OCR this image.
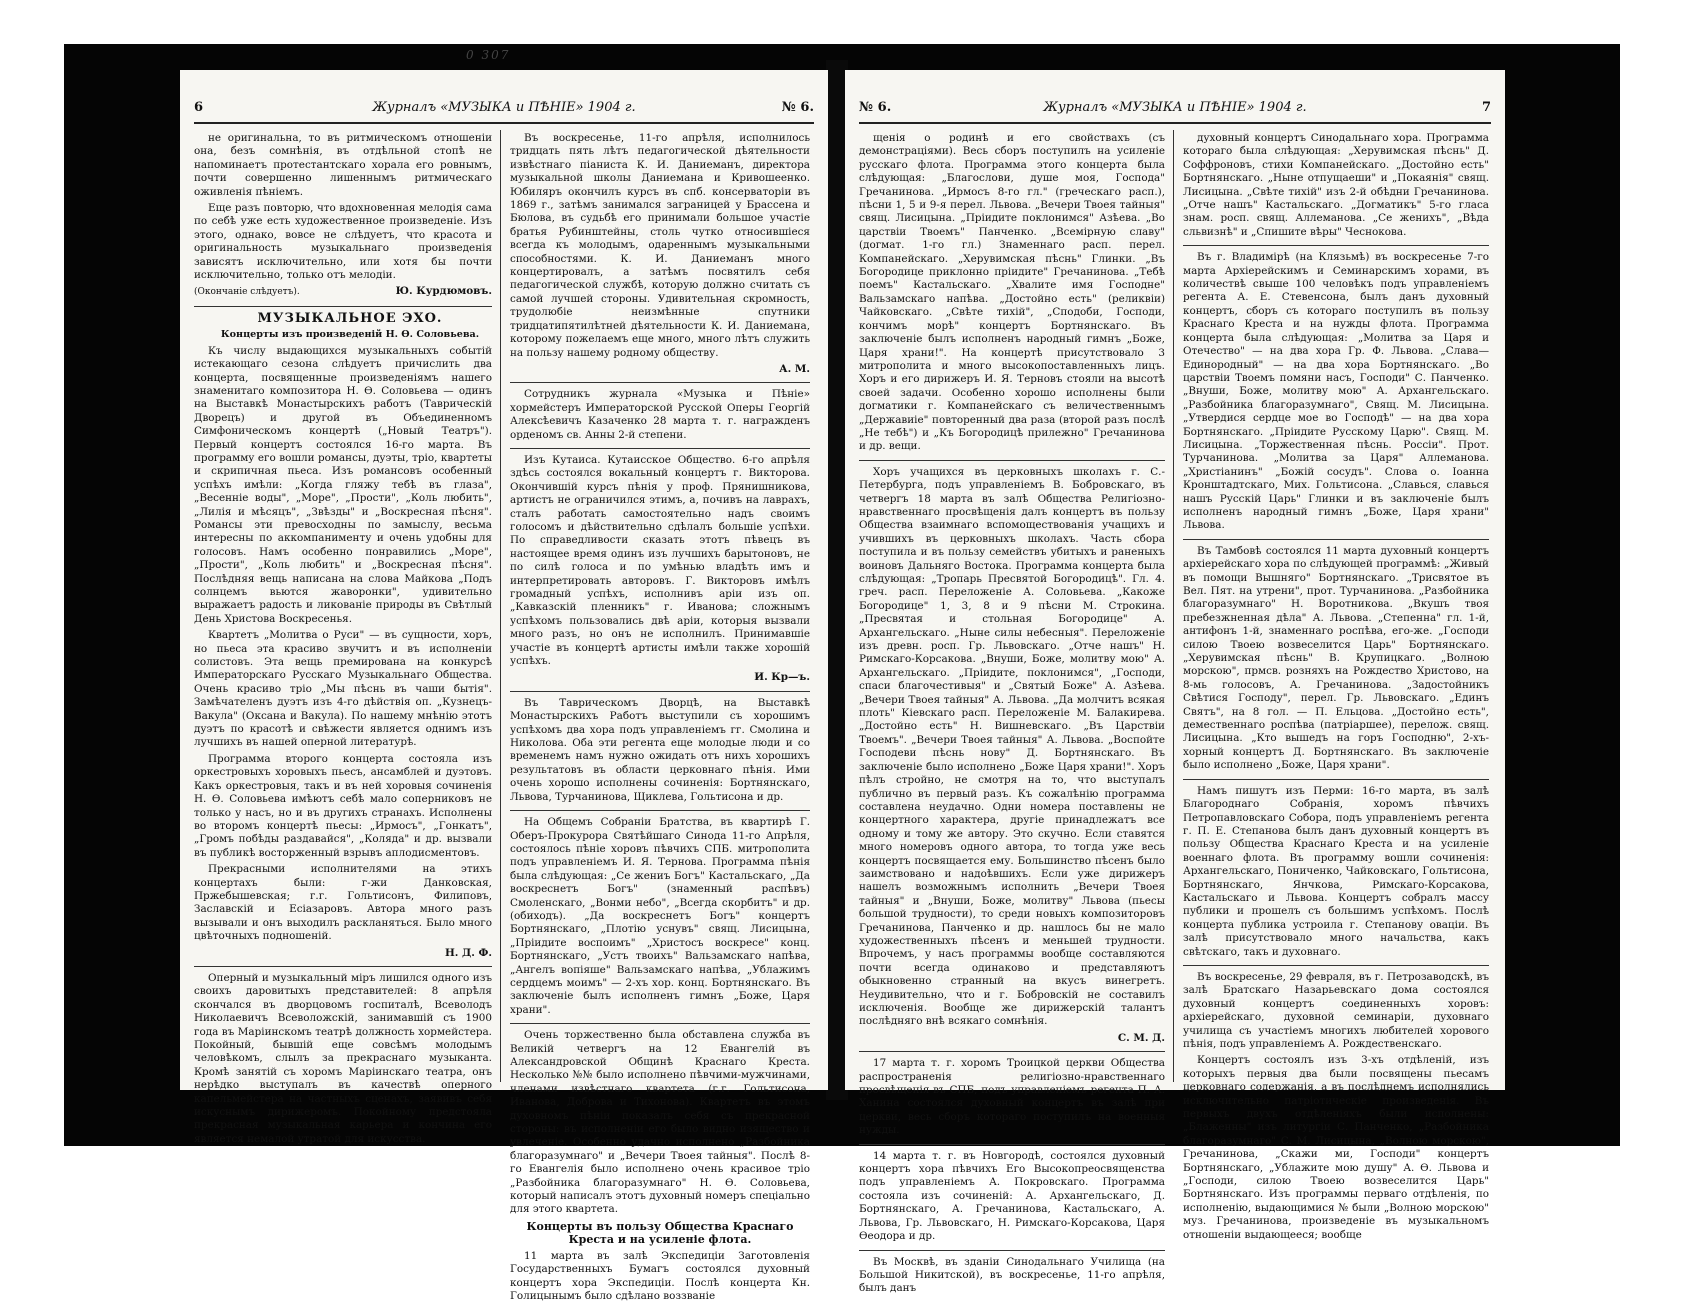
0 307
6	Журналъ «МУЗЫКА и ПѢНІЕ» 1904 г.	№ 6.

не оригинальна, то въ ритмическомъ отношеніи она, безъ сомнѣнія, въ отдѣльной стопѣ не напоминаетъ протестантскаго хорала его ровнымъ, почти совершенно лишеннымъ ритмическаго оживленія пѣніемъ.

Еще разъ повторю, что вдохновенная мелодія сама по себѣ уже есть художественное произведеніе. Изъ этого, однако, вовсе не слѣдуетъ, что красота и оригинальность музыкальнаго произведенія зависятъ исключительно, или хотя бы почти исключительно, только отъ мелодіи.

(Окончаніе слѣдуетъ).	Ю. Курдюмовъ.

МУЗЫКАЛЬНОЕ ЭХО.

Концерты изъ произведеній Н. Ѳ. Соловьева.

Къ числу выдающихся музыкальныхъ событій истекающаго сезона слѣдуетъ причислить два концерта, посвященные произведеніямъ нашего знаменитаго композитора Н. Ѳ. Соловьева — одинъ на Выставкѣ Монастырскихъ работъ (Таврическій Дворецъ) и другой въ Объединенномъ Симфоническомъ концертѣ („Новый Театръ"). Первый концертъ состоялся 16-го марта. Въ программу его вошли романсы, дуэты, тріо, квартеты и скрипичная пьеса. Изъ романсовъ особенный успѣхъ имѣли: „Когда гляжу тебѣ въ глаза", „Весенніе воды", „Море", „Прости", „Коль любить", „Лилія и мѣсяцъ", „Звѣзды" и „Воскресная пѣсня". Романсы эти превосходны по замыслу, весьма интересны по аккомпанименту и очень удобны для голосовъ. Намъ особенно понравились „Море", „Прости", „Коль любить" и „Воскресная пѣсня". Послѣдняя вещь написана на слова Майкова „Подъ солнцемъ вьются жаворонки", удивительно выражаетъ радость и ликованіе природы въ Свѣтлый День Христова Воскресенья.

Квартетъ „Молитва о Руси" — въ сущности, хоръ, но пьеса эта красиво звучитъ и въ исполненіи солистовъ. Эта вещь премирована на конкурсѣ Императорскаго Русскаго Музыкальнаго Общества. Очень красиво тріо „Мы пѣснь въ чаши бытія". Замѣчателенъ дуэтъ изъ 4-го дѣйствія оп. „Кузнецъ-Вакула" (Оксана и Вакула). По нашему мнѣнію этотъ дуэтъ по красотѣ и свѣжести является однимъ изъ лучшихъ въ нашей оперной литературѣ.

Программа второго концерта состояла изъ оркестровыхъ хоровыхъ пьесъ, ансамблей и дуэтовъ. Какъ оркестровыя, такъ и въ ней хоровыя сочиненія Н. Ѳ. Соловьева имѣютъ себѣ мало соперниковъ не только у насъ, но и въ другихъ странахъ. Исполнены во второмъ концертѣ пьесы: „Ирмосъ", „Гонкатъ", „Громъ побѣды раздавайся", „Коляда" и др. вызвали въ публикѣ восторженный взрывъ аплодисментовъ.

Прекрасными исполнителями на этихъ концертахъ были: г-жи Данковская, Пржебышевская; г.г. Гольтисонъ, Филиповъ, Заславскій и Есіазаровъ. Автора много разъ вызывали и онъ выходилъ раскланяться. Было много цвѣточныхъ подношеній.

Н. Д. Ф.

Оперный и музыкальный міръ лишился одного изъ своихъ даровитыхъ представителей: 8 апрѣля скончался въ дворцовомъ госпиталѣ, Всеволодъ Николаевичъ Всеволожскій, занимавшій съ 1900 года въ Маріинскомъ театрѣ должность хормейстера. Покойный, бывшій еще совсѣмъ молодымъ человѣкомъ, слылъ за прекраснаго музыканта. Кромѣ занятій съ хоромъ Маріинскаго театра, онъ нерѣдко выступалъ въ качествѣ оперного капельмейстера на частныхъ сценахъ, заявивъ себя искуснымъ дирижеромъ. Покойному предстояла прекрасная музыкальная карьера и кончина его является немалой утратой для искусства.

Въ воскресенье, 11-го апрѣля, исполнилось тридцать пять лѣтъ педагогической дѣятельности извѣстнаго піаниста К. И. Даниеманъ, директора музыкальной школы Даниемана и Кривошеенко. Юбиляръ окончилъ курсъ въ спб. консерваторіи въ 1869 г., затѣмъ занимался заграницей у Брассена и Бюлова, въ судьбѣ его принимали большое участіе братья Рубинштейны, столь чутко относившіеся всегда къ молодымъ, одареннымъ музыкальными способностями. К. И. Даниеманъ много концертировалъ, а затѣмъ посвятилъ себя педагогической службѣ, которую должно считать съ самой лучшей стороны. Удивительная скромность, трудолюбіе неизмѣнные спутники тридцатипятилѣтней дѣятельности К. И. Даниемана, которому пожелаемъ еще много, много лѣтъ служить на пользу нашему родному обществу.

А. М.

Сотрудникъ журнала «Музыка и Пѣніе» хормейстеръ Императорской Русской Оперы Георгій Алексѣевичъ Казаченко 28 марта т. г. награжденъ орденомъ св. Анны 2-й степени.

Изъ Кутаиса. Кутаисское Общество. 6-го апрѣля здѣсь состоялся вокальный концертъ г. Викторова. Окончившій курсъ пѣнія у проф. Прянишникова, артистъ не ограничился этимъ, а, почивъ на лаврахъ, сталъ работать самостоятельно надъ своимъ голосомъ и дѣйствительно сдѣлалъ большіе успѣхи. По справедливости сказать этотъ пѣвецъ въ настоящее время одинъ изъ лучшихъ барытоновъ, не по силѣ голоса и по умѣнью владѣть имъ и интерпретировать авторовъ. Г. Викторовъ имѣлъ громадный успѣхъ, исполнивъ аріи изъ оп. „Кавказскій пленникъ" г. Иванова; сложнымъ успѣхомъ пользовались двѣ аріи, которыя вызвали много разъ, но онъ не исполнилъ. Принимавшіе участіе въ концертѣ артисты имѣли также хорошій успѣхъ.

И. Кр—ъ.

Въ Таврическомъ Дворцѣ, на Выставкѣ Монастырскихъ Работъ выступили съ хорошимъ успѣхомъ два хора подъ управленіемъ гг. Смолина и Николова. Оба эти регента еще молодые люди и со временемъ намъ нужно ожидать отъ нихъ хорошихъ результатовъ въ области церковнаго пѣнія. Ими очень хорошо исполнены сочиненія: Бортнянскаго, Львова, Турчанинова, Щиклева, Гольтисона и др.

На Общемъ Собраніи Братства, въ квартирѣ Г. Оберъ-Прокурора Святѣйшаго Синода 11-го Апрѣля, состоялось пѣніе хоровъ пѣвчихъ СПБ. митрополита подъ управленіемъ И. Я. Тернова. Программа пѣнія была слѣдующая: „Се жениъ Богъ" Кастальскаго, „Да воскреснетъ Богъ" (знаменный распѣвъ) Смоленскаго, „Вонми небо", „Всегда скорбитъ" и др. (обиходъ). „Да воскреснетъ Богъ" концертъ Бортнянскаго, „Плотію уснувъ" свящ. Лисицына, „Пріидите воспоимъ" „Христосъ воскресе" конц. Бортнянскаго, „Устъ твоихъ" Вальзамскаго напѣва, „Ангелъ вопіяше" Вальзамскаго напѣва, „Ублажимъ сердцемъ моимъ" — 2-хъ хор. конц. Бортнянскаго. Въ заключеніе былъ исполненъ гимнъ „Боже, Царя храни".

Очень торжественно была обставлена служба въ Великій четвергъ на 12 Евангелій въ Александровской Общинѣ Краснаго Креста. Несколько №№ было исполнено пѣвчими-мужчинами, членами извѣстнаго квартета (г.г. Гольтисона, Иванова, Доброва и Тихонова). Квартетъ въ этомъ духовномъ пѣніи показалъ себя съ прекрасной стороны: въ исполненіи его было видно изящество и увлеченіе. Особенно удачно исполнено „Разбойника благоразумнаго" и „Вечери Твоея тайныя". Послѣ 8-го Евангелія было исполнено очень красивое тріо „Разбойника благоразумнаго" Н. Ѳ. Соловьева, который написалъ этотъ духовный номеръ спеціально для этого квартета.

Концерты въ пользу Общества Краснаго Креста и на усиленіе флота.

11 марта въ залѣ Экспедиціи Заготовленія Государственныхъ Бумагъ состоялся духовный концертъ хора Экспедиціи. Послѣ концерта Кн. Голицынымъ было сдѣлано воззваніе

№ 6.	Журналъ «МУЗЫКА и ПѢНІЕ» 1904 г.	7

щенія о родинѣ и его свойствахъ (съ демонстраціями). Весь сборъ поступилъ на усиленіе русскаго флота. Программа этого концерта была слѣдующая: „Благослови, душе моя, Господа" Гречанинова. „Ирмосъ 8-го гл." (греческаго расп.), пѣсни 1, 5 и 9-я перел. Львова. „Вечери Твоея тайныя" свящ. Лисицына. „Пріидите поклонимся" Азѣева. „Во царствіи Твоемъ" Панченко. „Всемірную славу" (догмат. 1-го гл.) Знаменнаго расп. перел. Компанейскаго. „Херувимская пѣснь" Глинки. „Въ Богородице приклонно пріидите" Гречанинова. „Тебѣ поемъ" Кастальскаго. „Хвалите имя Господне" Вальзамскаго напѣва. „Достойно есть" (реликвіи) Чайковскаго. „Свѣте тихій", „Сподоби, Господи, кончимъ морѣ" концертъ Бортнянскаго. Въ заключеніе былъ исполненъ народный гимнъ „Боже, Царя храни!". На концертѣ присутствовало 3 митрополита и много высокопоставленныхъ лицъ. Хоръ и его дирижеръ И. Я. Терновъ стояли на высотѣ своей задачи. Особенно хорошо исполнены были догматики г. Компанейскаго съ величественнымъ „Державиіе" повторенный два раза (второй разъ послѣ „Не тебѣ") и „Къ Богородицѣ прилежно" Гречанинова и др. вещи.

Хоръ учащихся въ церковныхъ школахъ г. С.-Петербурга, подъ управленіемъ В. Бобровскаго, въ четвергъ 18 марта въ залѣ Общества Религіозно-нравственнаго просвѣщенія далъ концертъ въ пользу Общества взаимнаго вспомоществованія учащихъ и учившихъ въ церковныхъ школахъ. Часть сбора поступила и въ пользу семействъ убитыхъ и раненыхъ воиновъ Дальняго Востока. Программа концерта была слѣдующая: „Тропарь Пресвятой Богородицѣ". Гл. 4. греч. расп. Переложеніе А. Соловьева. „Какоже Богородице" 1, 3, 8 и 9 пѣсни М. Строкина. „Пресвятая и стольная Богородице" А. Архангельскаго. „Ныне силы небесныя". Переложеніе изъ древн. росп. Гр. Львовскаго. „Отче нашъ" Н. Римскаго-Корсакова. „Внуши, Боже, молитву мою" А. Архангельскаго. „Пріидите, поклонимся", „Господи, спаси благочестивыя" и „Святый Боже" А. Азѣева. „Вечери Твоея тайныя" А. Львова. „Да молчитъ всякая плоть" Кіевскаго расп. Переложеніе М. Балакирева. „Достойно есть" Н. Вишневскаго. „Въ Царствіи Твоемъ". „Вечери Твоея тайныя" А. Львова. „Воспойте Господеви пѣснь нову" Д. Бортнянскаго. Въ заключеніе было исполнено „Боже Царя храни!". Хоръ пѣлъ стройно, не смотря на то, что выступалъ публично въ первый разъ. Къ сожалѣнію программа составлена неудачно. Одни номера поставлены не концертного характера, другіе принадлежатъ все одному и тому же автору. Это скучно. Если ставятся много номеровъ одного автора, то тогда уже весь концертъ посвящается ему. Большинство пѣсенъ было заимствовано и надоѣвшихъ. Если уже дирижеръ нашелъ возможнымъ исполнить „Вечери Твоея тайныя" и „Внуши, Боже, молитву" Львова (пьесы большой трудности), то среди новыхъ композиторовъ Гречанинова, Панченко и др. нашлось бы не мало художественныхъ пѣсенъ и меньшей трудности. Впрочемъ, у насъ программы вообще составляются почти всегда одинаково и представляютъ обыкновенно странный на вкусъ винегретъ. Неудивительно, что и г. Бобровскій не составилъ исключенія. Вообще же дирижерскій талантъ послѣдняго внѣ всякаго сомнѣнія.

С. М. Д.

17 марта т. г. хоромъ Троицкой церкви Общества распространенія религіозно-нравственнаго просвѣщенія въ СПБ, подъ управленіемъ регента П. А. Ханина состоялся духовный концертъ въ залѣ при церкви, весь сборъ котораго поступилъ на военныя нужды.

14 марта т. г. въ Новгородѣ, состоялся духовный концертъ хора пѣвчихъ Его Высокопреосвященства подъ управленіемъ А. Покровскаго. Программа состояла изъ сочиненій: А. Архангельскаго, Д. Бортнянскаго, А. Гречанинова, Кастальскаго, А. Львова, Гр. Львовскаго, Н. Римскаго-Корсакова, Царя Ѳеодора и др.

Въ Москвѣ, въ зданіи Синодальнаго Училища (на Большой Никитской), въ воскресенье, 11-го апрѣля, былъ данъ

духовный концертъ Синодальнаго хора. Программа котораго была слѣдующая: „Херувимская пѣснь" Д. Соффроновъ, стихи Компанейскаго. „Достойно есть" Бортнянскаго. „Ныне отпущаеши" и „Покаянія" свящ. Лисицына. „Свѣте тихій" изъ 2-й обѣдни Гречанинова. „Отче нашъ" Кастальскаго. „Догматикъ" 5-го гласа знам. росп. свящ. Аллеманова. „Се женихъ", „Вѣда сльвизнѣ" и „Спишите вѣры" Чеснокова.

Въ г. Владимірѣ (на Клязьмѣ) въ воскресенье 7-го марта Архіерейскимъ и Семинарскимъ хорами, въ количествѣ свыше 100 человѣкъ подъ управленіемъ регента А. Е. Стевенсона, былъ данъ духовный концертъ, сборъ съ котораго поступилъ въ пользу Краснаго Креста и на нужды флота. Программа концерта была слѣдующая: „Молитва за Царя и Отечество" — на два хора Гр. Ф. Львова. „Слава—Единородный" — на два хора Бортнянскаго. „Во царствіи Твоемъ помяни насъ, Господи" С. Панченко. „Внуши, Боже, молитву мою" А. Архангельскаго. „Разбойника благоразумнаго", Свящ. М. Лисицына. „Утвердися сердце мое во Господѣ" — на два хора Бортнянскаго. „Пріидите Русскому Царю". Свящ. М. Лисицына. „Торжественная пѣснь. Россіи". Прот. Турчанинова. „Молитва за Царя" Аллеманова. „Христіанинъ" „Божій сосудъ". Слова о. Іоанна Кронштадтскаго, Мих. Гольтисона. „Славься, славься нашъ Русскій Царь" Глинки и въ заключеніе былъ исполненъ народный гимнъ „Боже, Царя храни" Львова.

Въ Тамбовѣ состоялся 11 марта духовный концертъ архіерейскаго хора по слѣдующей программѣ: „Живый въ помощи Вышняго" Бортнянскаго. „Трисвятое въ Вел. Пят. на утрени", прот. Турчанинова. „Разбойника благоразумнаго" Н. Воротникова. „Вкушъ твоя пребезжненная дѣла" А. Львова. „Степенна" гл. 1-й, антифонъ 1-й, знаменнаго роспѣва, его-же. „Господи силою Твоею возвеселится Царь" Бортнянскаго. „Херувимская пѣснь" В. Крупицкаго. „Волною морскою", прмсв. розняхъ на Рождество Христово, на 8-мь голосовъ, А. Гречанинова. „Задостойникъ Свѣтися Господу", перел. Гр. Львовскаго. „Единъ Святъ", на 8 гол. — П. Ельцова. „Достойно есть", демественнаго роспѣва (патріаршее), перелож. свящ. Лисицына. „Кто вышедъ на горъ Господню", 2-хъ-хорный концертъ Д. Бортнянскаго. Въ заключеніе было исполнено „Боже, Царя храни".

Намъ пишутъ изъ Перми: 16-го марта, въ залѣ Благороднаго Собранія, хоромъ пѣвчихъ Петропавловскаго Собора, подъ управленіемъ регента г. П. Е. Степанова былъ данъ духовный концертъ въ пользу Общества Краснаго Креста и на усиленіе военнаго флота. Въ программу вошли сочиненія: Архангельскаго, Пониченко, Чайковскаго, Гольтисона, Бортнянскаго, Янчкова, Римскаго-Корсакова, Кастальскаго и Львова. Концертъ собралъ массу публики и прошелъ съ большимъ успѣхомъ. Послѣ концерта публика устроила г. Степанову оваціи. Въ залѣ присутствовало много начальства, какъ свѣтскаго, такъ и духовнаго.

Въ воскресенье, 29 февраля, въ г. Петрозаводскѣ, въ залѣ Братскаго Назарьевскаго дома состоялся духовный концертъ соединенныхъ хоровъ: архіерейскаго, духовной семинаріи, духовнаго училища съ участіемъ многихъ любителей хорового пѣнія, подъ управленіемъ А. Рождественскаго.

Концертъ состоялъ изъ 3-хъ отдѣленій, изъ которыхъ первыя два были посвящены пьесамъ церковнаго содержанія, а въ послѣднемъ исполнялись исключительно патріотическіе произведенія. Въ первыхъ двухъ отдѣленіяхъ были исполнены: „Блаженны" изъ литургіи С. Панченко, „Разбойника благоразумнаго" С. М. Лисицына, „Волною морскою", Гречанинова, „Скажи ми, Господи" концертъ Бортнянскаго, „Ублажите мою душу" А. Ѳ. Львова и „Господи, силою Твоею возвеселится Царь" Бортнянскаго. Изъ программы перваго отдѣленія, по исполненію, выдающимися № были „Волною морскою" муз. Гречанинова, произведеніе въ музыкальномъ отношеніи выдающееся; вообще
